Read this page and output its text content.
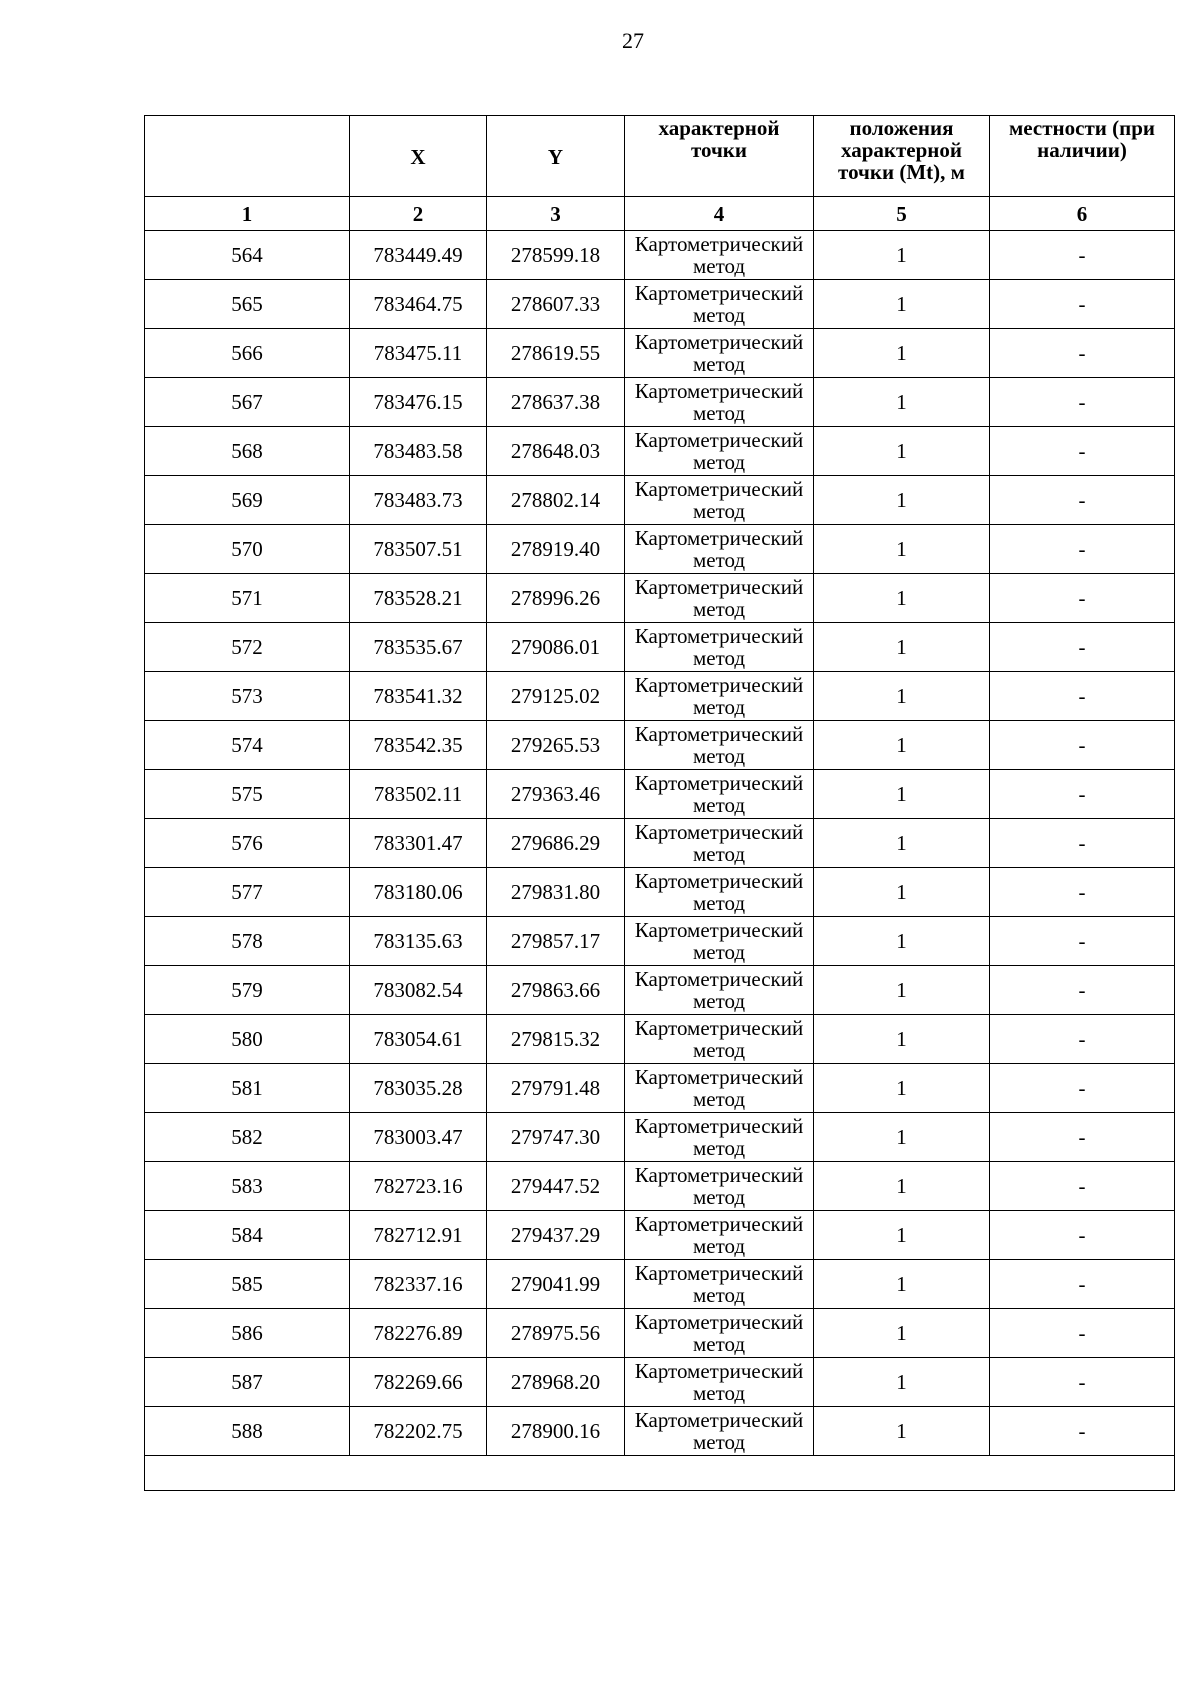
27
	X	Y	характерной точки	положения характерной точки (Mt), м	местности (при наличии)
1	2	3	4	5	6
564	783449.49	278599.18	Картометрический метод	1	-
565	783464.75	278607.33	Картометрический метод	1	-
566	783475.11	278619.55	Картометрический метод	1	-
567	783476.15	278637.38	Картометрический метод	1	-
568	783483.58	278648.03	Картометрический метод	1	-
569	783483.73	278802.14	Картометрический метод	1	-
570	783507.51	278919.40	Картометрический метод	1	-
571	783528.21	278996.26	Картометрический метод	1	-
572	783535.67	279086.01	Картометрический метод	1	-
573	783541.32	279125.02	Картометрический метод	1	-
574	783542.35	279265.53	Картометрический метод	1	-
575	783502.11	279363.46	Картометрический метод	1	-
576	783301.47	279686.29	Картометрический метод	1	-
577	783180.06	279831.80	Картометрический метод	1	-
578	783135.63	279857.17	Картометрический метод	1	-
579	783082.54	279863.66	Картометрический метод	1	-
580	783054.61	279815.32	Картометрический метод	1	-
581	783035.28	279791.48	Картометрический метод	1	-
582	783003.47	279747.30	Картометрический метод	1	-
583	782723.16	279447.52	Картометрический метод	1	-
584	782712.91	279437.29	Картометрический метод	1	-
585	782337.16	279041.99	Картометрический метод	1	-
586	782276.89	278975.56	Картометрический метод	1	-
587	782269.66	278968.20	Картометрический метод	1	-
588	782202.75	278900.16	Картометрический метод	1	-
